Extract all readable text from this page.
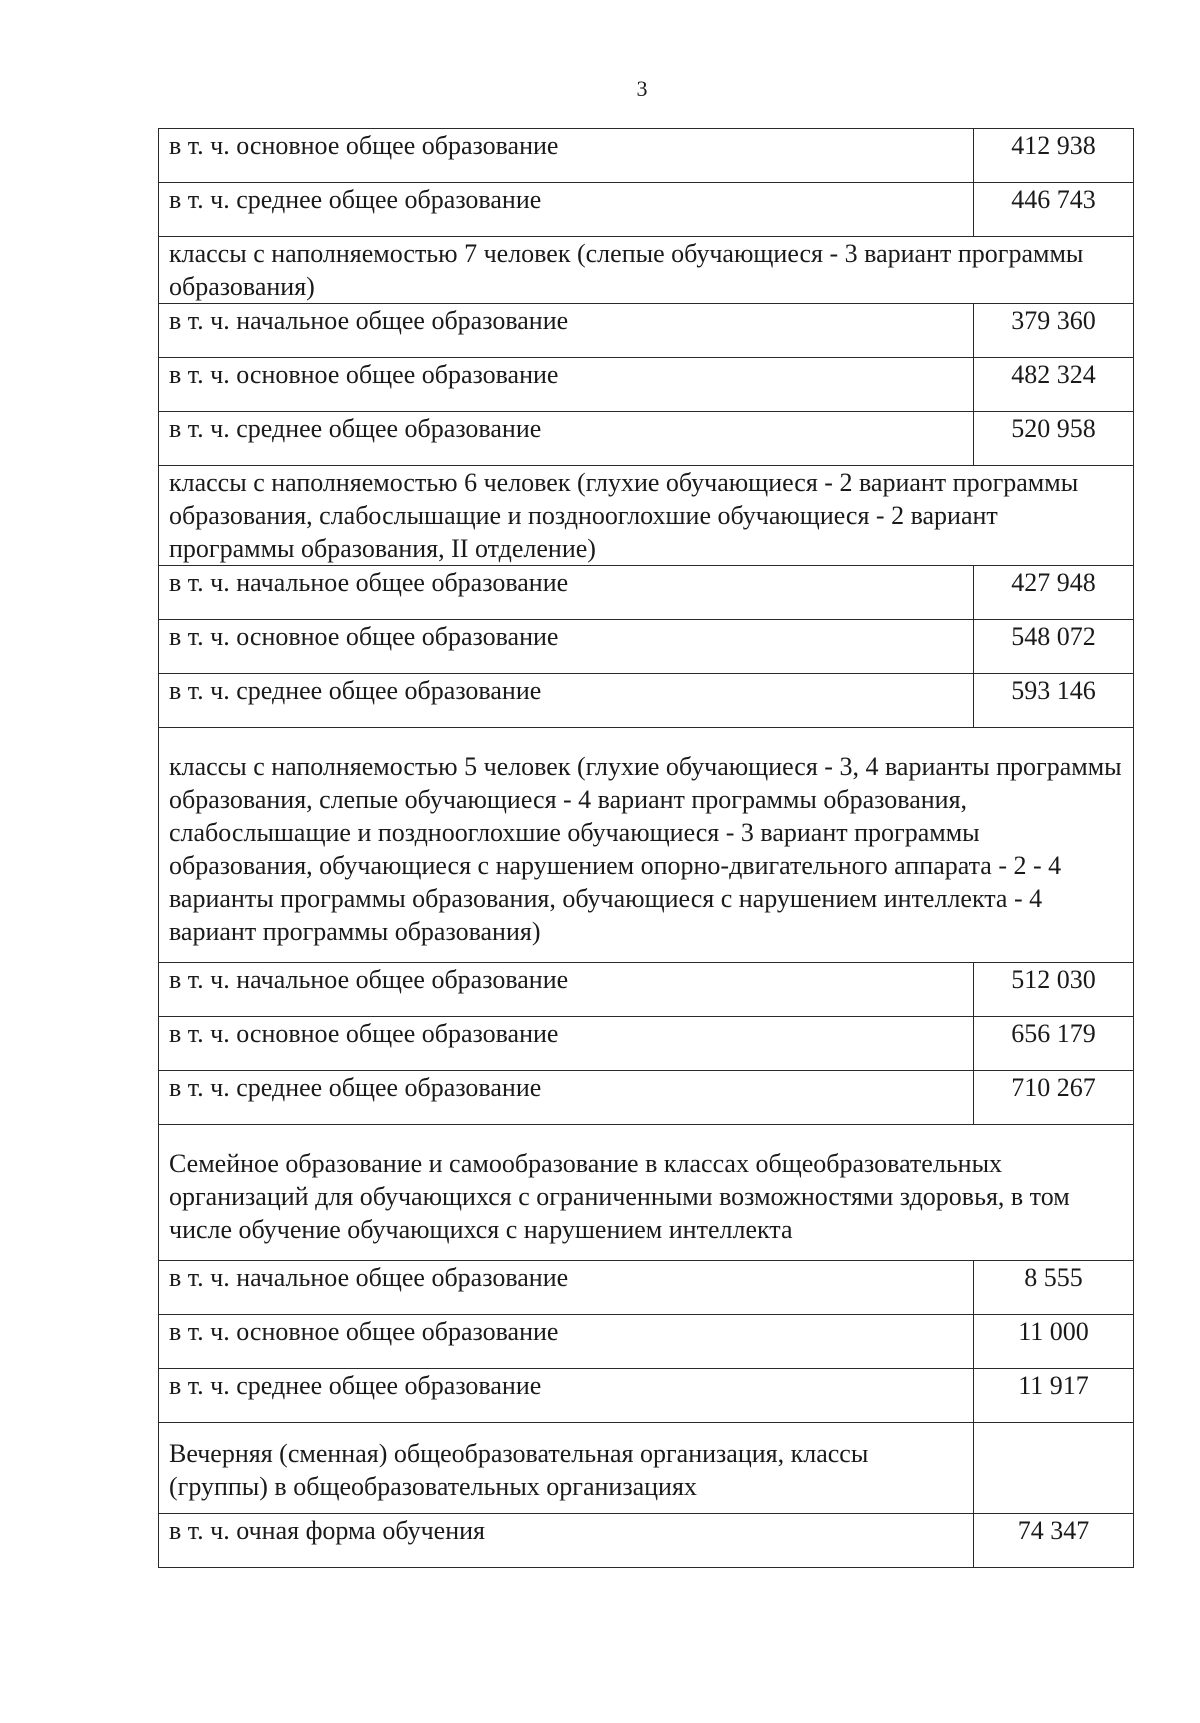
3
в т. ч. основное общее образование	412 938
в т. ч. среднее общее образование	446 743
классы с наполняемостью 7 человек (слепые обучающиеся - 3 вариант программы образования)	
в т. ч. начальное общее образование	379 360
в т. ч. основное общее образование	482 324
в т. ч. среднее общее образование	520 958
классы с наполняемостью 6 человек (глухие обучающиеся - 2 вариант программы образования, слабослышащие и позднооглохшие обучающиеся - 2 вариант программы образования, II отделение)	
в т. ч. начальное общее образование	427 948
в т. ч. основное общее образование	548 072
в т. ч. среднее общее образование	593 146
классы с наполняемостью 5 человек (глухие обучающиеся - 3, 4 варианты программы образования, слепые обучающиеся - 4 вариант программы образования, слабослышащие и позднооглохшие обучающиеся - 3 вариант программы образования, обучающиеся с нарушением опорно-двигательного аппарата - 2 - 4 варианты программы образования, обучающиеся с нарушением интеллекта - 4 вариант программы образования)	
в т. ч. начальное общее образование	512 030
в т. ч. основное общее образование	656 179
в т. ч. среднее общее образование	710 267
Семейное образование и самообразование в классах общеобразовательных организаций для обучающихся с ограниченными возможностями здоровья, в том числе обучение обучающихся с нарушением интеллекта	
в т. ч. начальное общее образование	8 555
в т. ч. основное общее образование	11 000
в т. ч. среднее общее образование	11 917
Вечерняя (сменная) общеобразовательная организация, классы (группы) в общеобразовательных организациях	
в т. ч. очная форма обучения	74 347
